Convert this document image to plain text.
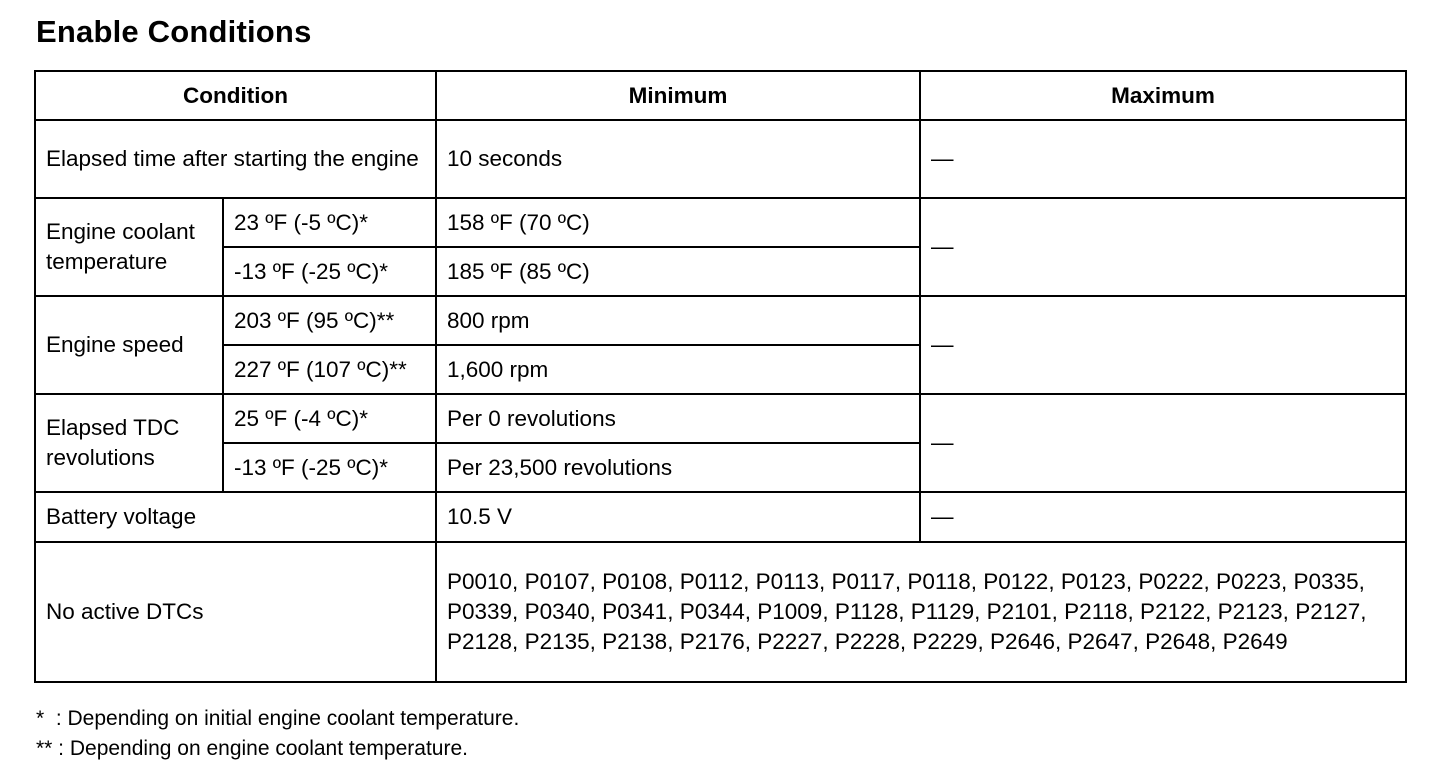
Enable Conditions
Condition		Minimum	Maximum
Elapsed time after starting the engine		10 seconds	—
Engine coolant temperature	23 ºF (-5 ºC)*	158 ºF (70 ºC)	—
	-13 ºF (-25 ºC)*	185 ºF (85 ºC)	
Engine speed	203 ºF (95 ºC)**	800 rpm	—
	227 ºF (107 ºC)**	1,600 rpm	
Elapsed TDC revolutions	25 ºF (-4 ºC)*	Per 0 revolutions	—
	-13 ºF (-25 ºC)*	Per 23,500 revolutions	
Battery voltage		10.5 V	—
No active DTCs		P0010, P0107, P0108, P0112, P0113, P0117, P0118, P0122, P0123, P0222, P0223, P0335, P0339, P0340, P0341, P0344, P1009, P1128, P1129, P2101, P2118, P2122, P2123, P2127, P2128, P2135, P2138, P2176, P2227, P2228, P2229, P2646, P2647, P2648, P2649	
*  : Depending on initial engine coolant temperature.
** : Depending on engine coolant temperature.
